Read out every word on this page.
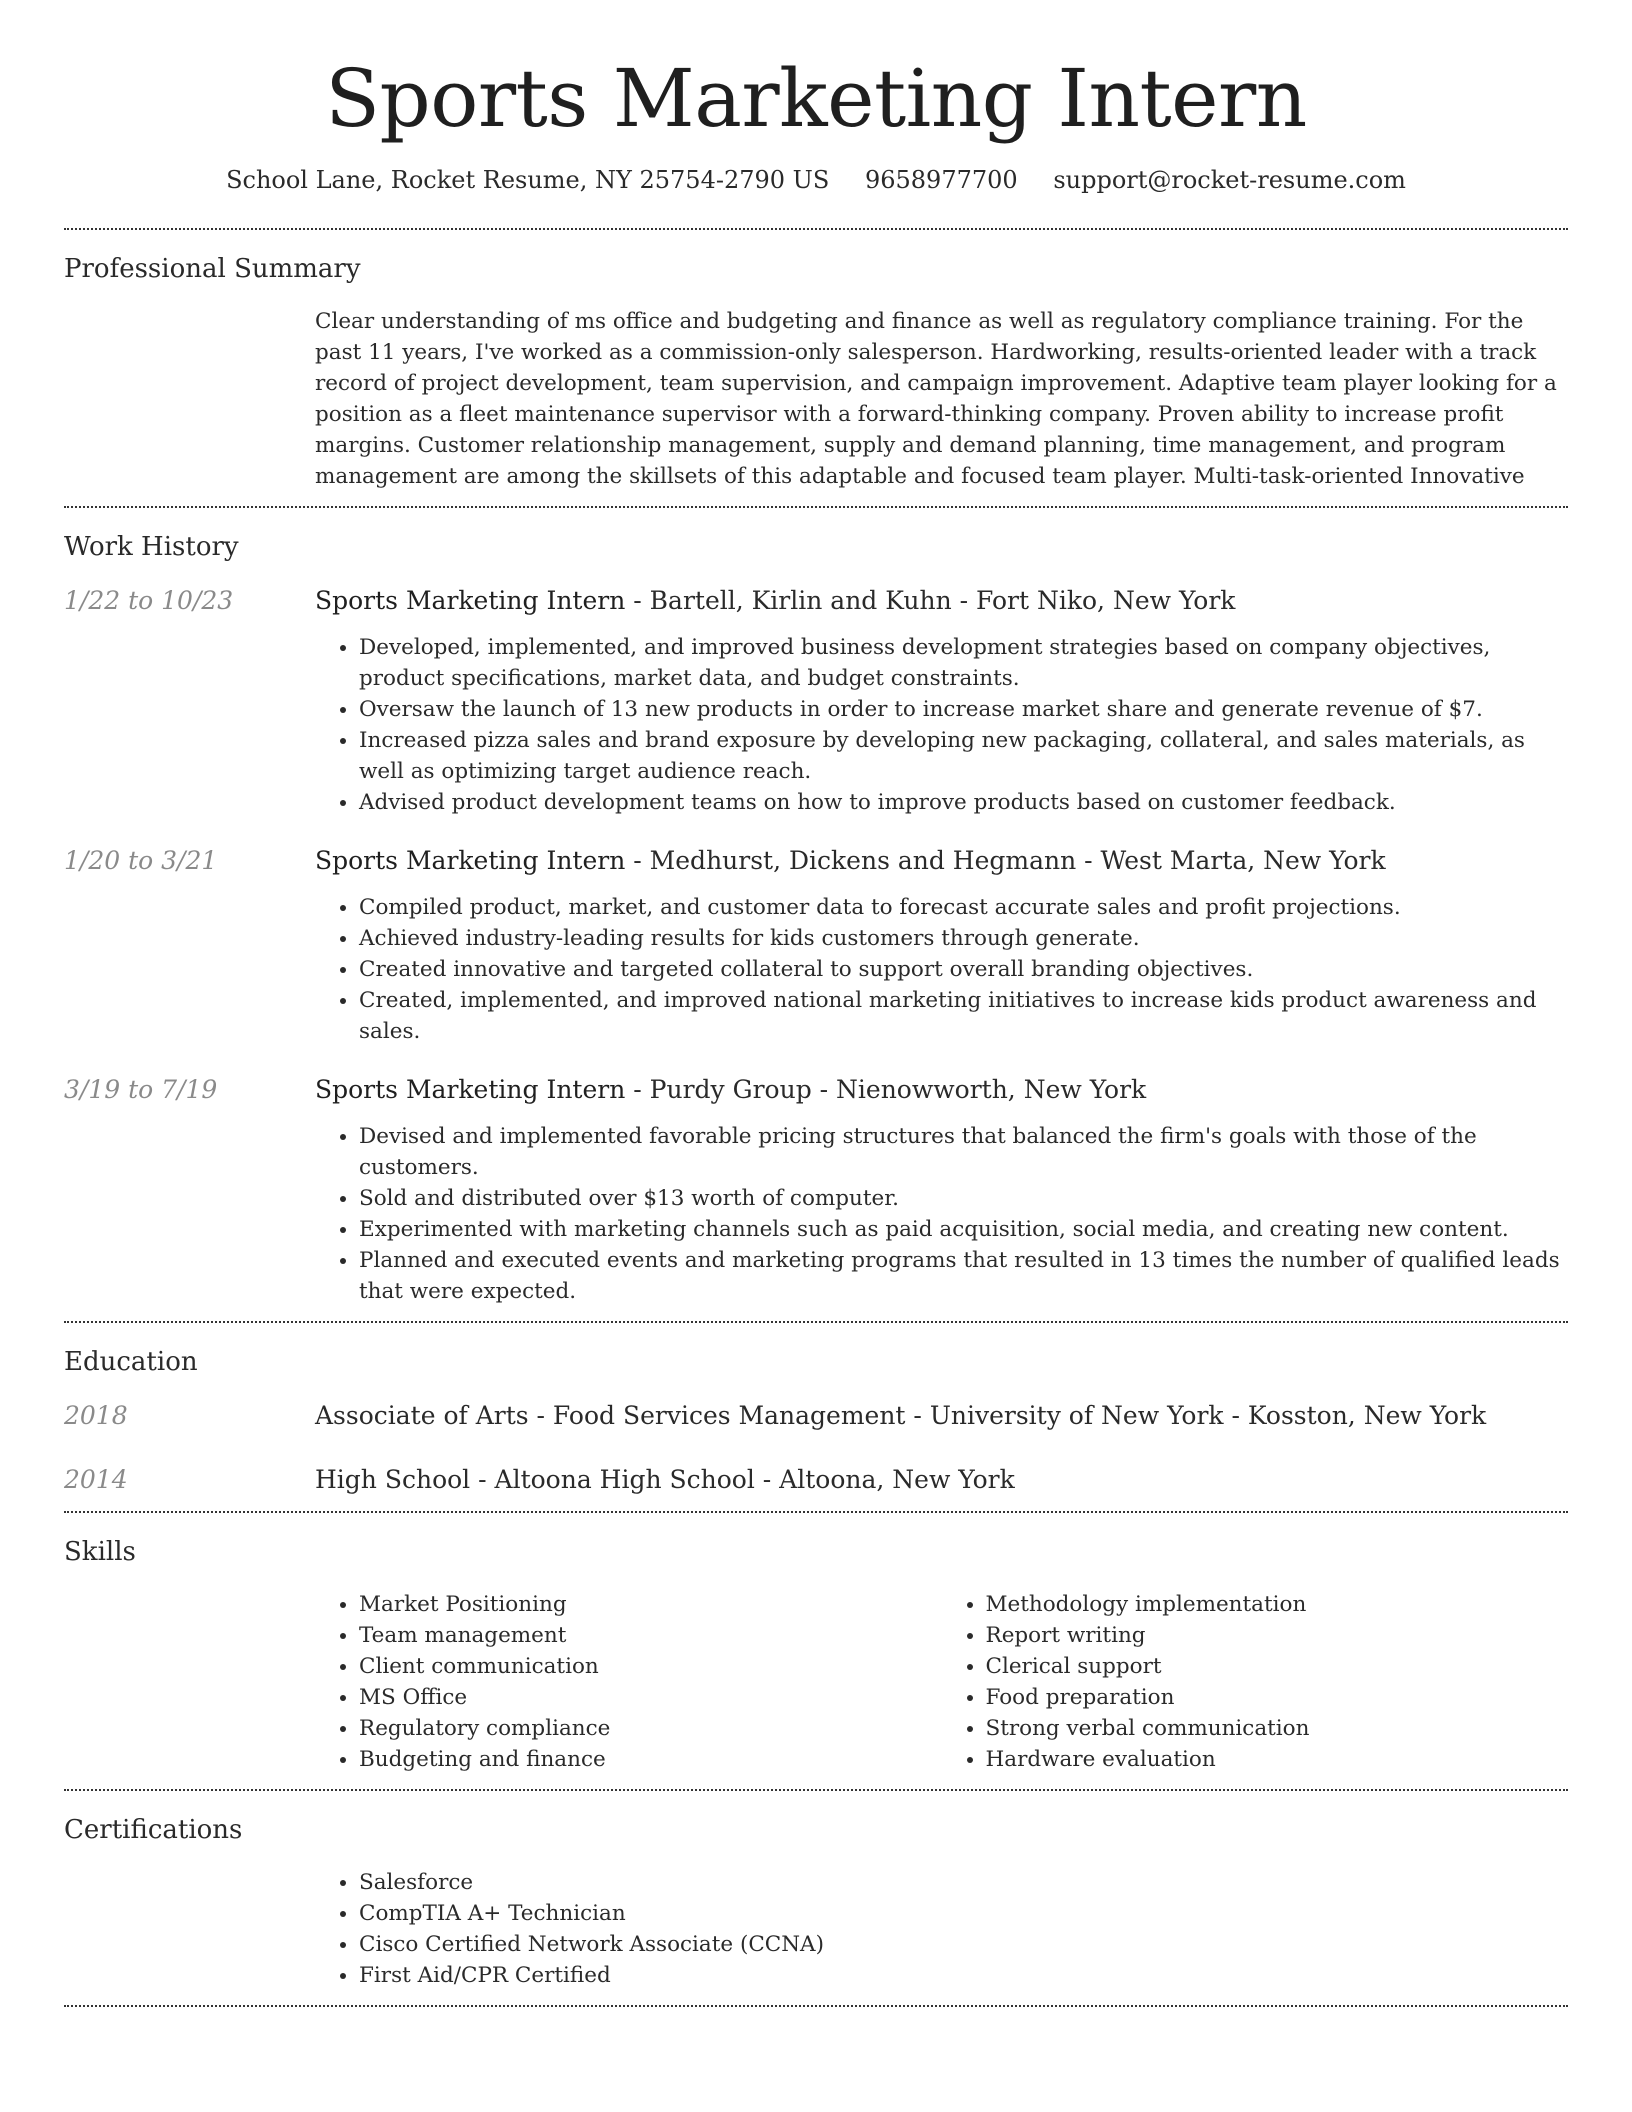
Sports Marketing Intern
School Lane, Rocket Resume, NY 25754-2790 US 9658977700 support@rocket-resume.com
Professional Summary

Clear understanding of ms office and budgeting and finance as well as regulatory compliance training. For the past 11 years, I've worked as a commission-only salesperson. Hardworking, results-oriented leader with a track record of project development, team supervision, and campaign improvement. Adaptive team player looking for a position as a fleet maintenance supervisor with a forward-thinking company. Proven ability to increase profit margins. Customer relationship management, supply and demand planning, time management, and program management are among the skillsets of this adaptable and focused team player. Multi-task-oriented Innovative

Work History
1/22 to 10/23	Sports Marketing Intern - Bartell, Kirlin and Kuhn - Fort Niko, New York
• Developed, implemented, and improved business development strategies based on company objectives, product specifications, market data, and budget constraints.
• Oversaw the launch of 13 new products in order to increase market share and generate revenue of $7.
• Increased pizza sales and brand exposure by developing new packaging, collateral, and sales materials, as well as optimizing target audience reach.
• Advised product development teams on how to improve products based on customer feedback.
1/20 to 3/21	Sports Marketing Intern - Medhurst, Dickens and Hegmann - West Marta, New York
• Compiled product, market, and customer data to forecast accurate sales and profit projections.
• Achieved industry-leading results for kids customers through generate.
• Created innovative and targeted collateral to support overall branding objectives.
• Created, implemented, and improved national marketing initiatives to increase kids product awareness and sales.
3/19 to 7/19	Sports Marketing Intern - Purdy Group - Nienowworth, New York
• Devised and implemented favorable pricing structures that balanced the firm's goals with those of the customers.
• Sold and distributed over $13 worth of computer.
• Experimented with marketing channels such as paid acquisition, social media, and creating new content.
• Planned and executed events and marketing programs that resulted in 13 times the number of qualified leads that were expected.
Education
2018	Associate of Arts - Food Services Management - University of New York - Kosston, New York
2014	High School - Altoona High School - Altoona, New York
Skills
• Market Positioning
• Team management
• Client communication
• MS Office
• Regulatory compliance
• Budgeting and finance
• Methodology implementation
• Report writing
• Clerical support
• Food preparation
• Strong verbal communication
• Hardware evaluation
Certifications
• Salesforce
• CompTIA A+ Technician
• Cisco Certified Network Associate (CCNA)
• First Aid/CPR Certified
